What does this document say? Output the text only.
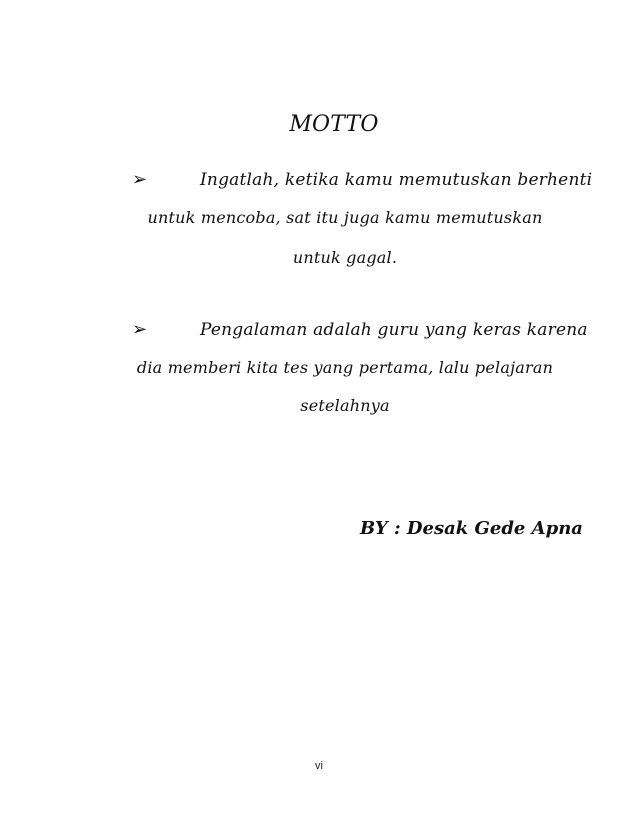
MOTTO
➢	Ingatlah, ketika kamu memutuskan berhenti
untuk mencoba, sat itu juga kamu memutuskan
untuk gagal.
➢	Pengalaman adalah guru yang keras karena
dia memberi kita tes yang pertama, lalu pelajaran
setelahnya
BY : Desak Gede Apna
vi
